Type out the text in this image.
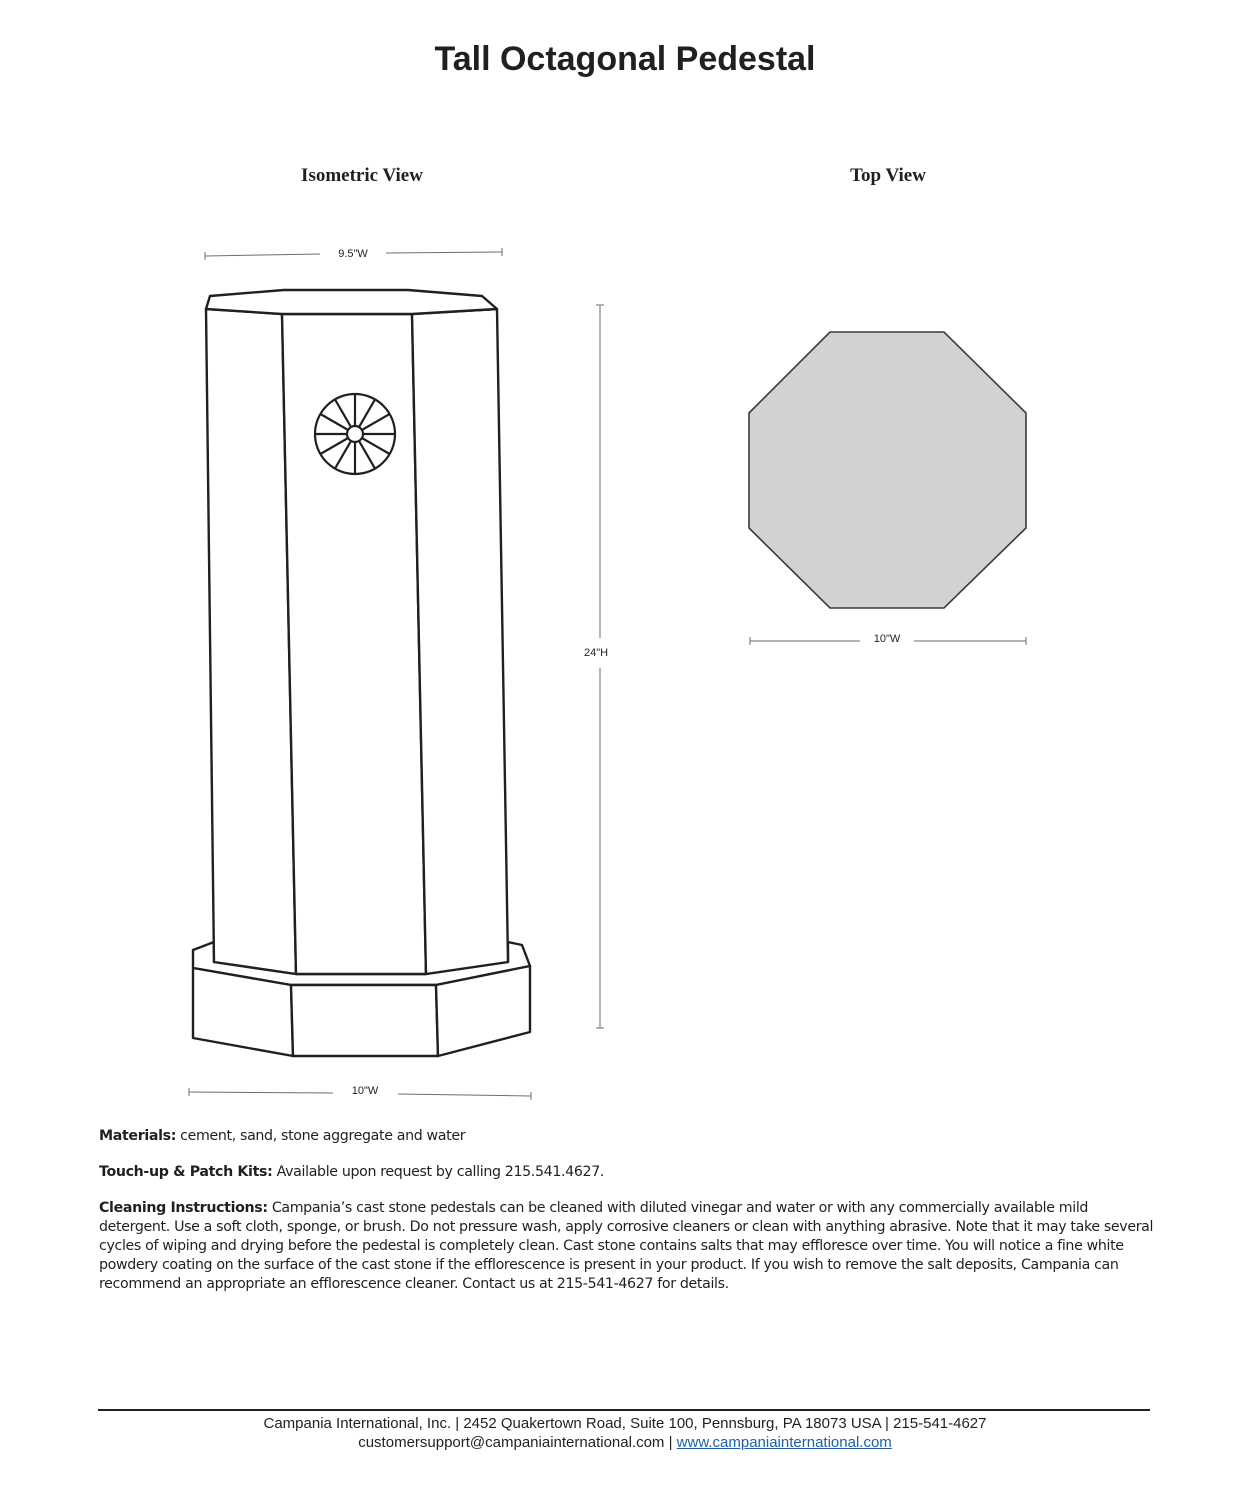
Tall Octagonal Pedestal
Isometric View	Top View
9.5"W
24"H
10"W
10"W

Materials: cement, sand, stone aggregate and water

Touch-up & Patch Kits: Available upon request by calling 215.541.4627.

Cleaning Instructions: Campania’s cast stone pedestals can be cleaned with diluted vinegar and water or with any commercially available mild detergent. Use a soft cloth, sponge, or brush. Do not pressure wash, apply corrosive cleaners or clean with anything abrasive. Note that it may take several cycles of wiping and drying before the pedestal is completely clean. Cast stone contains salts that may effloresce over time. You will notice a fine white powdery coating on the surface of the cast stone if the efflorescence is present in your product. If you wish to remove the salt deposits, Campania can recommend an appropriate an efflorescence cleaner. Contact us at 215-541-4627 for details.

Campania International, Inc. | 2452 Quakertown Road, Suite 100, Pennsburg, PA 18073 USA | 215-541-4627
customersupport@campaniainternational.com | www.campaniainternational.com
